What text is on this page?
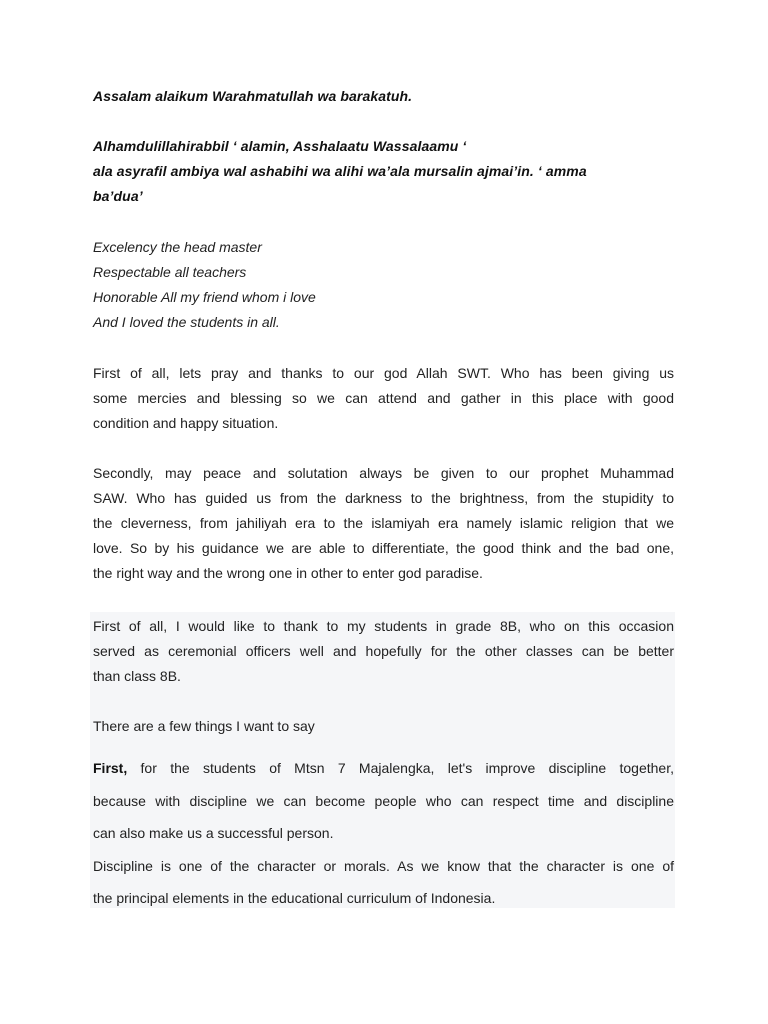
Assalam alaikum Warahmatullah wa barakatuh.
Alhamdulillahirabbil ‘ alamin, Asshalaatu Wassalaamu ‘
ala asyrafil ambiya wal ashabihi wa alihi wa’ala mursalin ajmai’in. ‘ amma
ba’dua’
Excelency the head master
Respectable all teachers
Honorable All my friend whom i love
And I loved the students in all.
First of all, lets pray and thanks to our god Allah SWT. Who has been giving us
some mercies and blessing so we can attend and gather in this place with good
condition and happy situation.
Secondly, may peace and solutation always be given to our prophet Muhammad
SAW. Who has guided us from the darkness to the brightness, from the stupidity to
the cleverness, from jahiliyah era to the islamiyah era namely islamic religion that we
love. So by his guidance we are able to differentiate, the good think and the bad one,
the right way and the wrong one in other to enter god paradise.
First of all, I would like to thank to my students in grade 8B, who on this occasion
served as ceremonial officers well and hopefully for the other classes can be better
than class 8B.
There are a few things I want to say
First, for the students of Mtsn 7 Majalengka, let's improve discipline together,
because with discipline we can become people who can respect time and discipline
can also make us a successful person.
Discipline is one of the character or morals. As we know that the character is one of
the principal elements in the educational curriculum of Indonesia.
